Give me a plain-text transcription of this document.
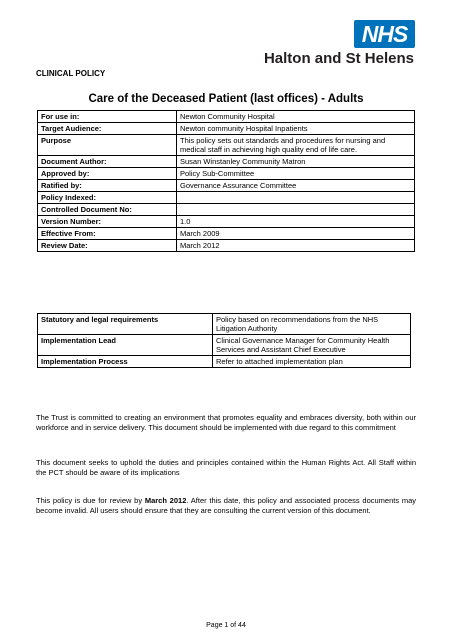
NHS
Halton and St Helens
CLINICAL POLICY
Care of the Deceased Patient (last offices) - Adults
For use in:	Newton Community Hospital
Target Audience:	Newton community Hospital Inpatients
Purpose	This policy sets out standards and procedures for nursing and medical staff in achieving high quality end of life care.
Document Author:	Susan Winstanley Community Matron
Approved by:	Policy Sub-Committee
Ratified by:	Governance Assurance Committee
Policy Indexed:	
Controlled Document No:	
Version Number:	1.0
Effective From:	March 2009
Review Date:	March 2012
Statutory and legal requirements	Policy based on recommendations from the NHS Litigation Authority
Implementation Lead	Clinical Governance Manager for Community Health Services and Assistant Chief Executive
Implementation Process	Refer to attached implementation plan

The Trust is committed to creating an environment that promotes equality and embraces diversity, both within our workforce and in service delivery. This document should be implemented with due regard to this commitment

This document seeks to uphold the duties and principles contained within the Human Rights Act. All Staff within the PCT should be aware of its implications

This policy is due for review by March 2012. After this date, this policy and associated process documents may become invalid. All users should ensure that they are consulting the current version of this document.

Page 1 of 44
